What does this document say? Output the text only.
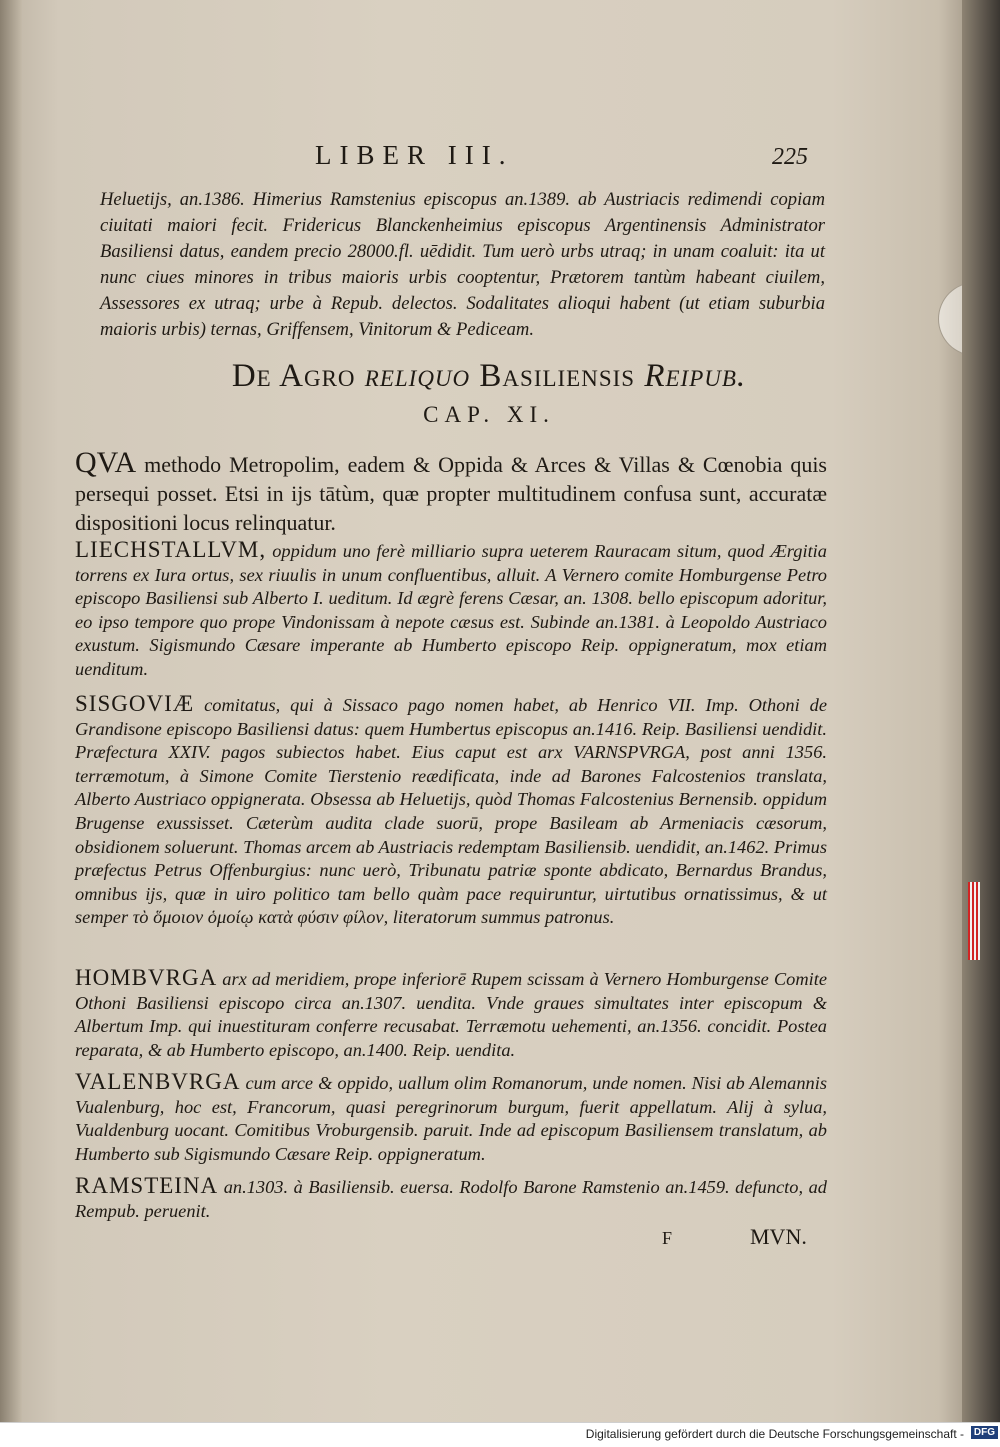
LIBER III.	225
Heluetijs, an.1386. Himerius Ramstenius episcopus an.1389. ab Austriacis redimendi copiam ciuitati maiori fecit. Fridericus Blanckenheimius episcopus Argentinensis Administrator Basiliensi datus, eandem precio 28000.fl. uēdidit. Tum uerò urbs utraq; in unam coaluit: ita ut nunc ciues minores in tribus maioris urbis cooptentur, Prætorem tantùm habeant ciuilem, Assessores ex utraq; urbe à Repub. delectos. Sodalitates alioqui habent (ut etiam suburbia maioris urbis) ternas, Griffensem, Vinitorum & Pediceam.
De Agro reliquo Basiliensis Reipub.
CAP. XI.
QVA methodo Metropolim, eadem & Oppida & Arces & Villas & Cœnobia quis persequi posset. Etsi in ijs tātùm, quæ propter multitudinem confusa sunt, accuratæ dispositioni locus relinquatur.
LIECHSTALLVM, oppidum uno ferè milliario supra ueterem Rauracam situm, quod Ærgitia torrens ex Iura ortus, sex riuulis in unum confluentibus, alluit. A Vernero comite Homburgense Petro episcopo Basiliensi sub Alberto I. ueditum. Id ægrè ferens Cæsar, an. 1308. bello episcopum adoritur, eo ipso tempore quo prope Vindonissam à nepote cæsus est. Subinde an.1381. à Leopoldo Austriaco exustum. Sigismundo Cæsare imperante ab Humberto episcopo Reip. oppigneratum, mox etiam uenditum.
SISGOVIÆ comitatus, qui à Sissaco pago nomen habet, ab Henrico VII. Imp. Othoni de Grandisone episcopo Basiliensi datus: quem Humbertus episcopus an.1416. Reip. Basiliensi uendidit. Præfectura XXIV. pagos subiectos habet. Eius caput est arx VARNSPVRGA, post anni 1356. terræmotum, à Simone Comite Tierstenio reædificata, inde ad Barones Falcostenios translata, Alberto Austriaco oppignerata. Obsessa ab Heluetijs, quòd Thomas Falcostenius Bernensib. oppidum Brugense exussisset. Cæterùm audita clade suorū, prope Basileam ab Armeniacis cæsorum, obsidionem soluerunt. Thomas arcem ab Austriacis redemptam Basiliensib. uendidit, an.1462. Primus præfectus Petrus Offenburgius: nunc uerò, Tribunatu patriæ sponte abdicato, Bernardus Brandus, omnibus ijs, quæ in uiro politico tam bello quàm pace requiruntur, uirtutibus ornatissimus, & ut semper τὸ ὅμοιον ὁμοίῳ κατὰ φύσιν φίλον, literatorum summus patronus.
HOMBVRGA arx ad meridiem, prope inferiorē Rupem scissam à Vernero Homburgense Comite Othoni Basiliensi episcopo circa an.1307. uendita. Vnde graues simultates inter episcopum & Albertum Imp. qui inuestituram conferre recusabat. Terræmotu uehementi, an.1356. concidit. Postea reparata, & ab Humberto episcopo, an.1400. Reip. uendita.
VALENBVRGA cum arce & oppido, uallum olim Romanorum, unde nomen. Nisi ab Alemannis Vualenburg, hoc est, Francorum, quasi peregrinorum burgum, fuerit appellatum. Alij à sylua, Vualdenburg uocant. Comitibus Vroburgensib. paruit. Inde ad episcopum Basiliensem translatum, ab Humberto sub Sigismundo Cæsare Reip. oppigneratum.
RAMSTEINA an.1303. à Basiliensib. euersa. Rodolfo Barone Ramstenio an.1459. defuncto, ad Rempub. peruenit.
F	MVN.
Digitalisierung gefördert durch die Deutsche Forschungsgemeinschaft - DFG
